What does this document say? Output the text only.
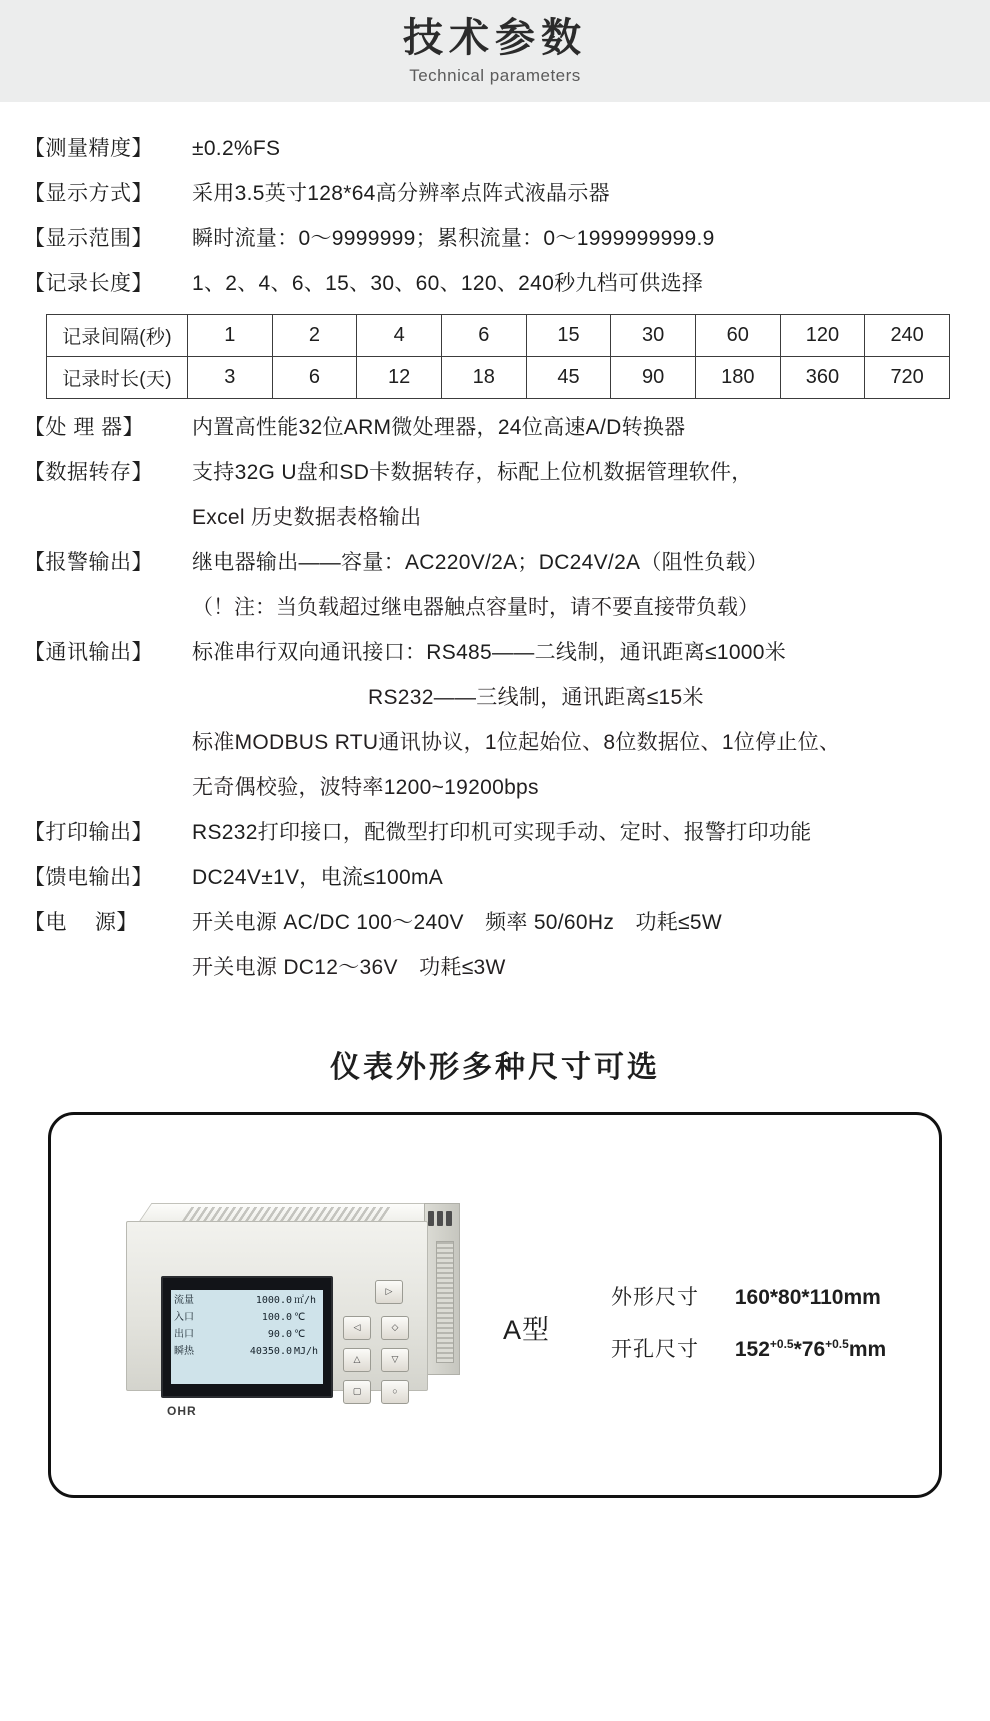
技术参数
Technical parameters
【测量精度】	±0.2%FS
【显示方式】	采用3.5英寸128*64高分辨率点阵式液晶示器
【显示范围】	瞬时流量：0～9999999；累积流量：0～1999999999.9
【记录长度】	1、2、4、6、15、30、60、120、240秒九档可供选择
记录间隔(秒)	1	2	4	6	15	30	60	120	240
记录时长(天)	3	6	12	18	45	90	180	360	720
【处 理 器】	内置高性能32位ARM微处理器，24位高速A/D转换器
【数据转存】	支持32G U盘和SD卡数据转存，标配上位机数据管理软件，
Excel 历史数据表格输出
【报警输出】	继电器输出——容量：AC220V/2A；DC24V/2A（阻性负载）
（！注：当负载超过继电器触点容量时，请不要直接带负载）
【通讯输出】	标准串行双向通讯接口：RS485——二线制，通讯距离≤1000米
RS232——三线制，通讯距离≤15米
标准MODBUS RTU通讯协议，1位起始位、8位数据位、1位停止位、
无奇偶校验，波特率1200~19200bps
【打印输出】	RS232打印接口，配微型打印机可实现手动、定时、报警打印功能
【馈电输出】	DC24V±1V，电流≤100mA
【电　 源】	开关电源 AC/DC 100～240V　频率 50/60Hz　功耗≤5W
开关电源 DC12～36V　功耗≤3W
仪表外形多种尺寸可选
流量	1000.0 ㎡/h
入口	100.0 ℃
出口	90.0 ℃
瞬热	40350.0 MJ/h
OHR
▷
◁	◇
△	▽
▢	○
A型
外形尺寸 160*80*110mm
开孔尺寸 $152^{+0.5}*76^{+0.5}mm$
